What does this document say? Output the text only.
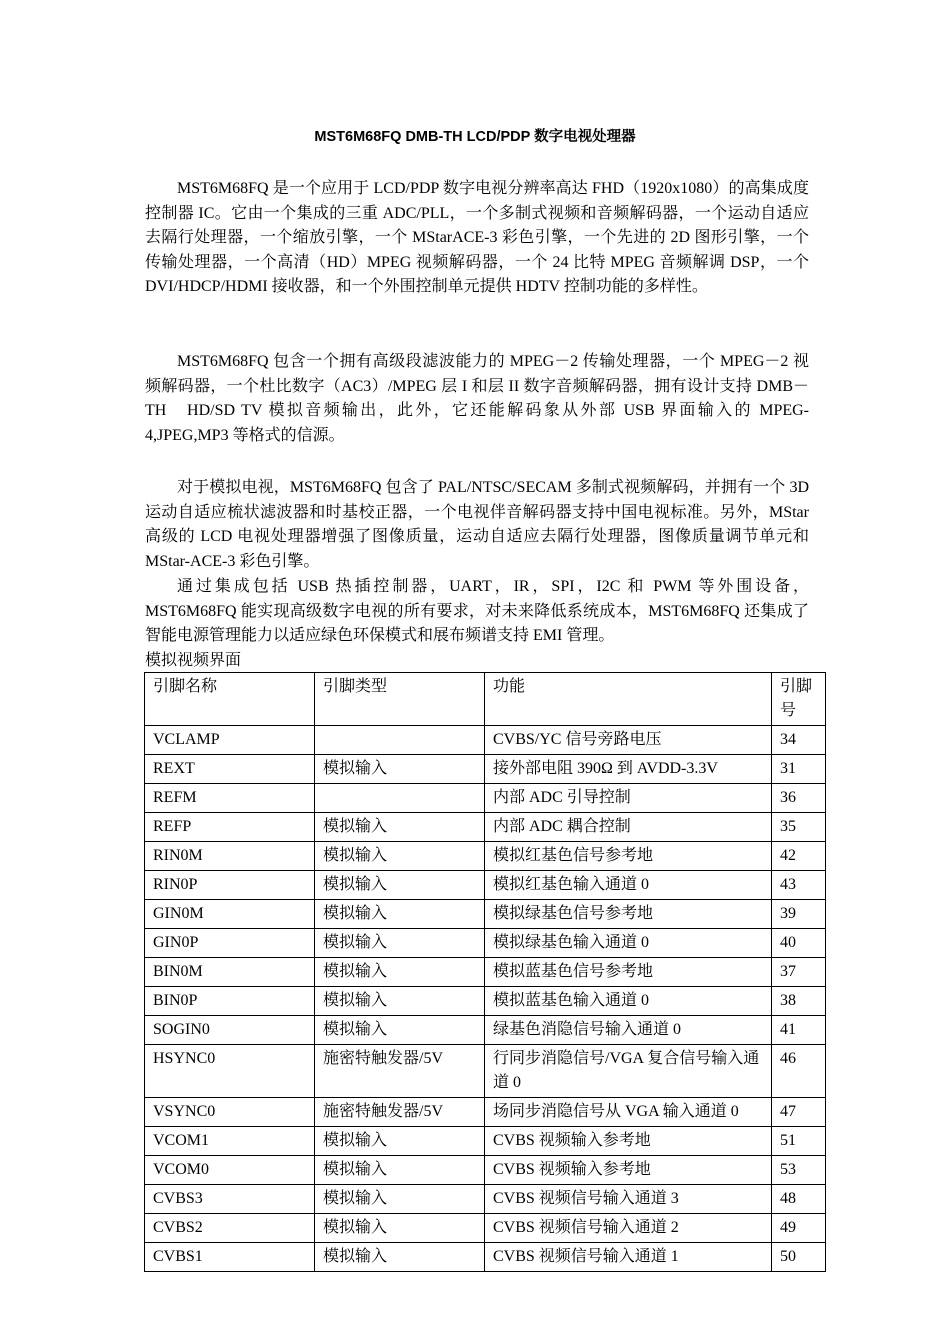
MST6M68FQ DMB-TH LCD/PDP 数字电视处理器

MST6M68FQ 是一个应用于 LCD/PDP 数字电视分辨率高达 FHD（1920x1080）的高集成度控制器 IC。它由一个集成的三重 ADC/PLL，一个多制式视频和音频解码器，一个运动自适应去隔行处理器，一个缩放引擎，一个 MStarACE-3 彩色引擎，一个先进的 2D 图形引擎，一个传输处理器，一个高清（HD）MPEG 视频解码器，一个 24 比特 MPEG 音频解调 DSP，一个 DVI/HDCP/HDMI 接收器，和一个外围控制单元提供 HDTV 控制功能的多样性。

MST6M68FQ 包含一个拥有高级段滤波能力的 MPEG－2 传输处理器，一个 MPEG－2 视频解码器，一个杜比数字（AC3）/MPEG 层 I 和层 II 数字音频解码器，拥有设计支持 DMB－TH　HD/SD TV 模拟音频输出，此外，它还能解码象从外部 USB 界面输入的 MPEG-4,JPEG,MP3 等格式的信源。

对于模拟电视，MST6M68FQ 包含了 PAL/NTSC/SECAM 多制式视频解码，并拥有一个 3D 运动自适应梳状滤波器和时基校正器，一个电视伴音解码器支持中国电视标准。另外，MStar 高级的 LCD 电视处理器增强了图像质量，运动自适应去隔行处理器，图像质量调节单元和 MStar-ACE-3 彩色引擎。

通过集成包括 USB 热插控制器，UART，IR，SPI，I2C 和 PWM 等外围设备，MST6M68FQ 能实现高级数字电视的所有要求，对未来降低系统成本，MST6M68FQ 还集成了智能电源管理能力以适应绿色环保模式和展布频谱支持 EMI 管理。

模拟视频界面
引脚名称	引脚类型	功能	引脚号
VCLAMP		CVBS/YC 信号旁路电压	34
REXT	模拟输入	接外部电阻 390Ω 到 AVDD-3.3V	31
REFM		内部 ADC 引导控制	36
REFP	模拟输入	内部 ADC 耦合控制	35
RIN0M	模拟输入	模拟红基色信号参考地	42
RIN0P	模拟输入	模拟红基色输入通道 0	43
GIN0M	模拟输入	模拟绿基色信号参考地	39
GIN0P	模拟输入	模拟绿基色输入通道 0	40
BIN0M	模拟输入	模拟蓝基色信号参考地	37
BIN0P	模拟输入	模拟蓝基色输入通道 0	38
SOGIN0	模拟输入	绿基色消隐信号输入通道 0	41
HSYNC0	施密特触发器/5V	行同步消隐信号/VGA 复合信号输入通道 0	46
VSYNC0	施密特触发器/5V	场同步消隐信号从 VGA 输入通道 0	47
VCOM1	模拟输入	CVBS 视频输入参考地	51
VCOM0	模拟输入	CVBS 视频输入参考地	53
CVBS3	模拟输入	CVBS 视频信号输入通道 3	48
CVBS2	模拟输入	CVBS 视频信号输入通道 2	49
CVBS1	模拟输入	CVBS 视频信号输入通道 1	50
